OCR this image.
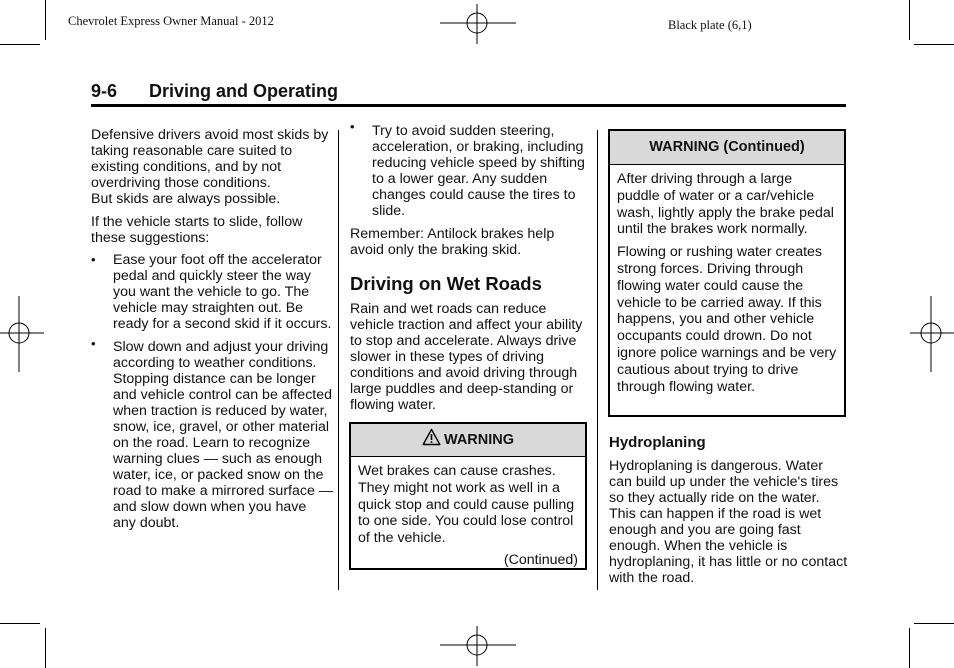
Chevrolet Express Owner Manual - 2012	Black plate (6,1)
9-6 Driving and Operating

Defensive drivers avoid most skids by taking reasonable care suited to existing conditions, and by not overdriving those conditions.

But skids are always possible.

If the vehicle starts to slide, follow these suggestions:

• Ease your foot off the accelerator pedal and quickly steer the way you want the vehicle to go. The vehicle may straighten out. Be ready for a second skid if it occurs.

• Slow down and adjust your driving according to weather conditions. Stopping distance can be longer and vehicle control can be affected when traction is reduced by water, snow, ice, gravel, or other material on the road. Learn to recognize warning clues — such as enough water, ice, or packed snow on the road to make a mirrored surface — and slow down when you have any doubt.

• Try to avoid sudden steering, acceleration, or braking, including reducing vehicle speed by shifting to a lower gear. Any sudden changes could cause the tires to slide.

Remember: Antilock brakes help avoid only the braking skid.

Driving on Wet Roads

Rain and wet roads can reduce vehicle traction and affect your ability to stop and accelerate. Always drive slower in these types of driving conditions and avoid driving through large puddles and deep-standing or flowing water.

WARNING

Wet brakes can cause crashes. They might not work as well in a quick stop and could cause pulling to one side. You could lose control of the vehicle.

(Continued)

WARNING (Continued)

After driving through a large puddle of water or a car/vehicle wash, lightly apply the brake pedal until the brakes work normally.

Flowing or rushing water creates strong forces. Driving through flowing water could cause the vehicle to be carried away. If this happens, you and other vehicle occupants could drown. Do not ignore police warnings and be very cautious about trying to drive through flowing water.

Hydroplaning

Hydroplaning is dangerous. Water can build up under the vehicle's tires so they actually ride on the water. This can happen if the road is wet enough and you are going fast enough. When the vehicle is hydroplaning, it has little or no contact with the road.
